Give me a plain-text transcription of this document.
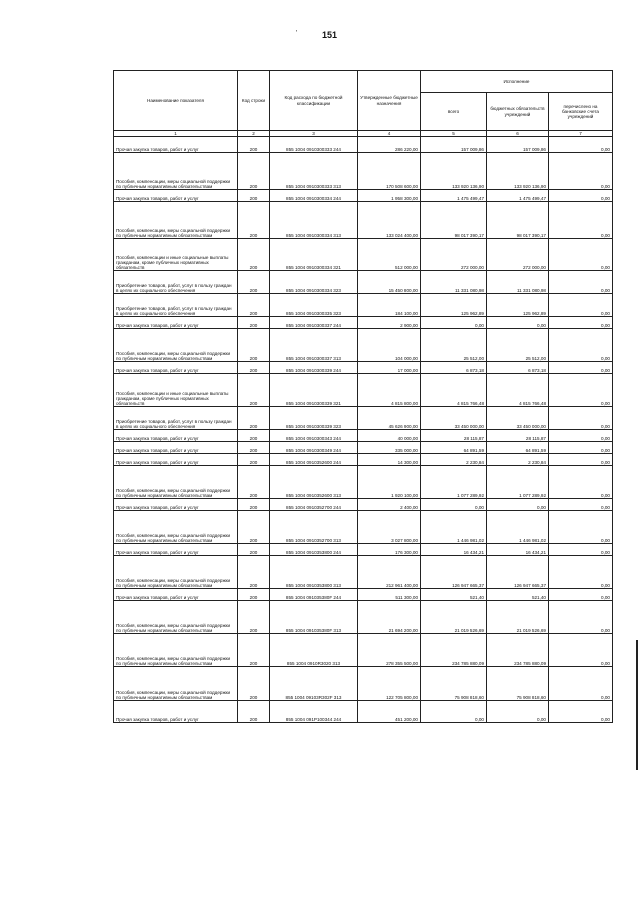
151
'
Наименование показателя	Код строки	Код расхода по бюджетной классификации	Утвержденные бюджетные назначения	Исполнение		
				всего	бюджетных обязательств учреждений	перечислено на банковские счета учреждений
1	2	3	4	5	6	7
Прочая закупка товаров, работ и услуг	200	855 1004 0910300333 244	286 220,00	157 009,86	157 009,86	0,00
Пособия, компенсации, меры социальной поддержки по публичным нормативным обязательствам	200	855 1004 0910300333 313	170 508 600,00	133 920 136,90	133 920 136,90	0,00
Прочая закупка товаров, работ и услуг	200	855 1004 0910300334 244	1 958 300,00	1 475 499,47	1 475 499,47	0,00
Пособия, компенсации, меры социальной поддержки по публичным нормативным обязательствам	200	855 1004 0910300334 313	133 024 400,00	98 017 390,17	98 017 390,17	0,00
Пособия, компенсации и иные социальные выплаты гражданам, кроме публичных нормативных обязательств	200	855 1004 0910300334 321	512 000,00	272 000,00	272 000,00	0,00
Приобретение товаров, работ, услуг в пользу граждан в целях их социального обеспечения	200	855 1004 0910300334 323	15 450 800,00	11 331 080,98	11 331 080,98	0,00
Приобретение товаров, работ, услуг в пользу граждан в целях их социального обеспечения	200	855 1004 0910300335 323	184 100,00	125 962,89	125 962,89	0,00
Прочая закупка товаров, работ и услуг	200	855 1004 0910300337 244	2 900,00	0,00	0,00	0,00
Пособия, компенсации, меры социальной поддержки по публичным нормативным обязательствам	200	855 1004 0910300337 313	104 000,00	25 512,00	25 512,00	0,00
Прочая закупка товаров, работ и услуг	200	855 1004 0910300339 244	17 000,00	6 873,18	6 873,18	0,00
Пособия, компенсации и иные социальные выплаты гражданам, кроме публичных нормативных обязательств	200	855 1004 0910300339 321	4 815 800,00	4 815 766,48	4 815 766,48	0,00
Приобретение товаров, работ, услуг в пользу граждан в целях их социального обеспечения	200	855 1004 0910300339 323	45 626 900,00	33 450 000,00	33 450 000,00	0,00
Прочая закупка товаров, работ и услуг	200	855 1004 0910300343 244	40 000,00	28 115,87	28 115,87	0,00
Прочая закупка товаров, работ и услуг	200	855 1004 0910300349 244	335 000,00	64 891,59	64 891,59	0,00
Прочая закупка товаров, работ и услуг	200	855 1004 0910352600 244	14 300,00	2 230,84	2 230,84	0,00
Пособия, компенсации, меры социальной поддержки по публичным нормативным обязательствам	200	855 1004 0910352600 313	1 920 100,00	1 077 289,92	1 077 289,92	0,00
Прочая закупка товаров, работ и услуг	200	855 1004 0910352700 244	2 400,00	0,00	0,00	0,00
Пособия, компенсации, меры социальной поддержки по публичным нормативным обязательствам	200	855 1004 0910352700 313	3 027 800,00	1 446 981,02	1 446 981,02	0,00
Прочая закупка товаров, работ и услуг	200	855 1004 0910353800 244	176 300,00	16 434,21	16 434,21	0,00
Пособия, компенсации, меры социальной поддержки по публичным нормативным обязательствам	200	855 1004 0910353800 313	212 961 400,00	126 947 665,37	126 947 665,37	0,00
Прочая закупка товаров, работ и услуг	200	855 1004 091035380F 244	511 300,00	521,40	521,40	0,00
Пособия, компенсации, меры социальной поддержки по публичным нормативным обязательствам	200	855 1004 091035380F 313	21 694 200,00	21 019 526,69	21 019 526,69	0,00
Пособия, компенсации, меры социальной поддержки по публичным нормативным обязательствам	200	855 1004 0910R3020 313	278 355 500,00	234 785 880,09	234 785 880,09	0,00
Пособия, компенсации, меры социальной поддержки по публичным нормативным обязательствам	200	855 1004 09103R302F 313	122 705 800,00	75 908 818,60	75 908 818,60	0,00
Прочая закупка товаров, работ и услуг	200	855 1004 091P100344 244	451 200,00	0,00	0,00	0,00
